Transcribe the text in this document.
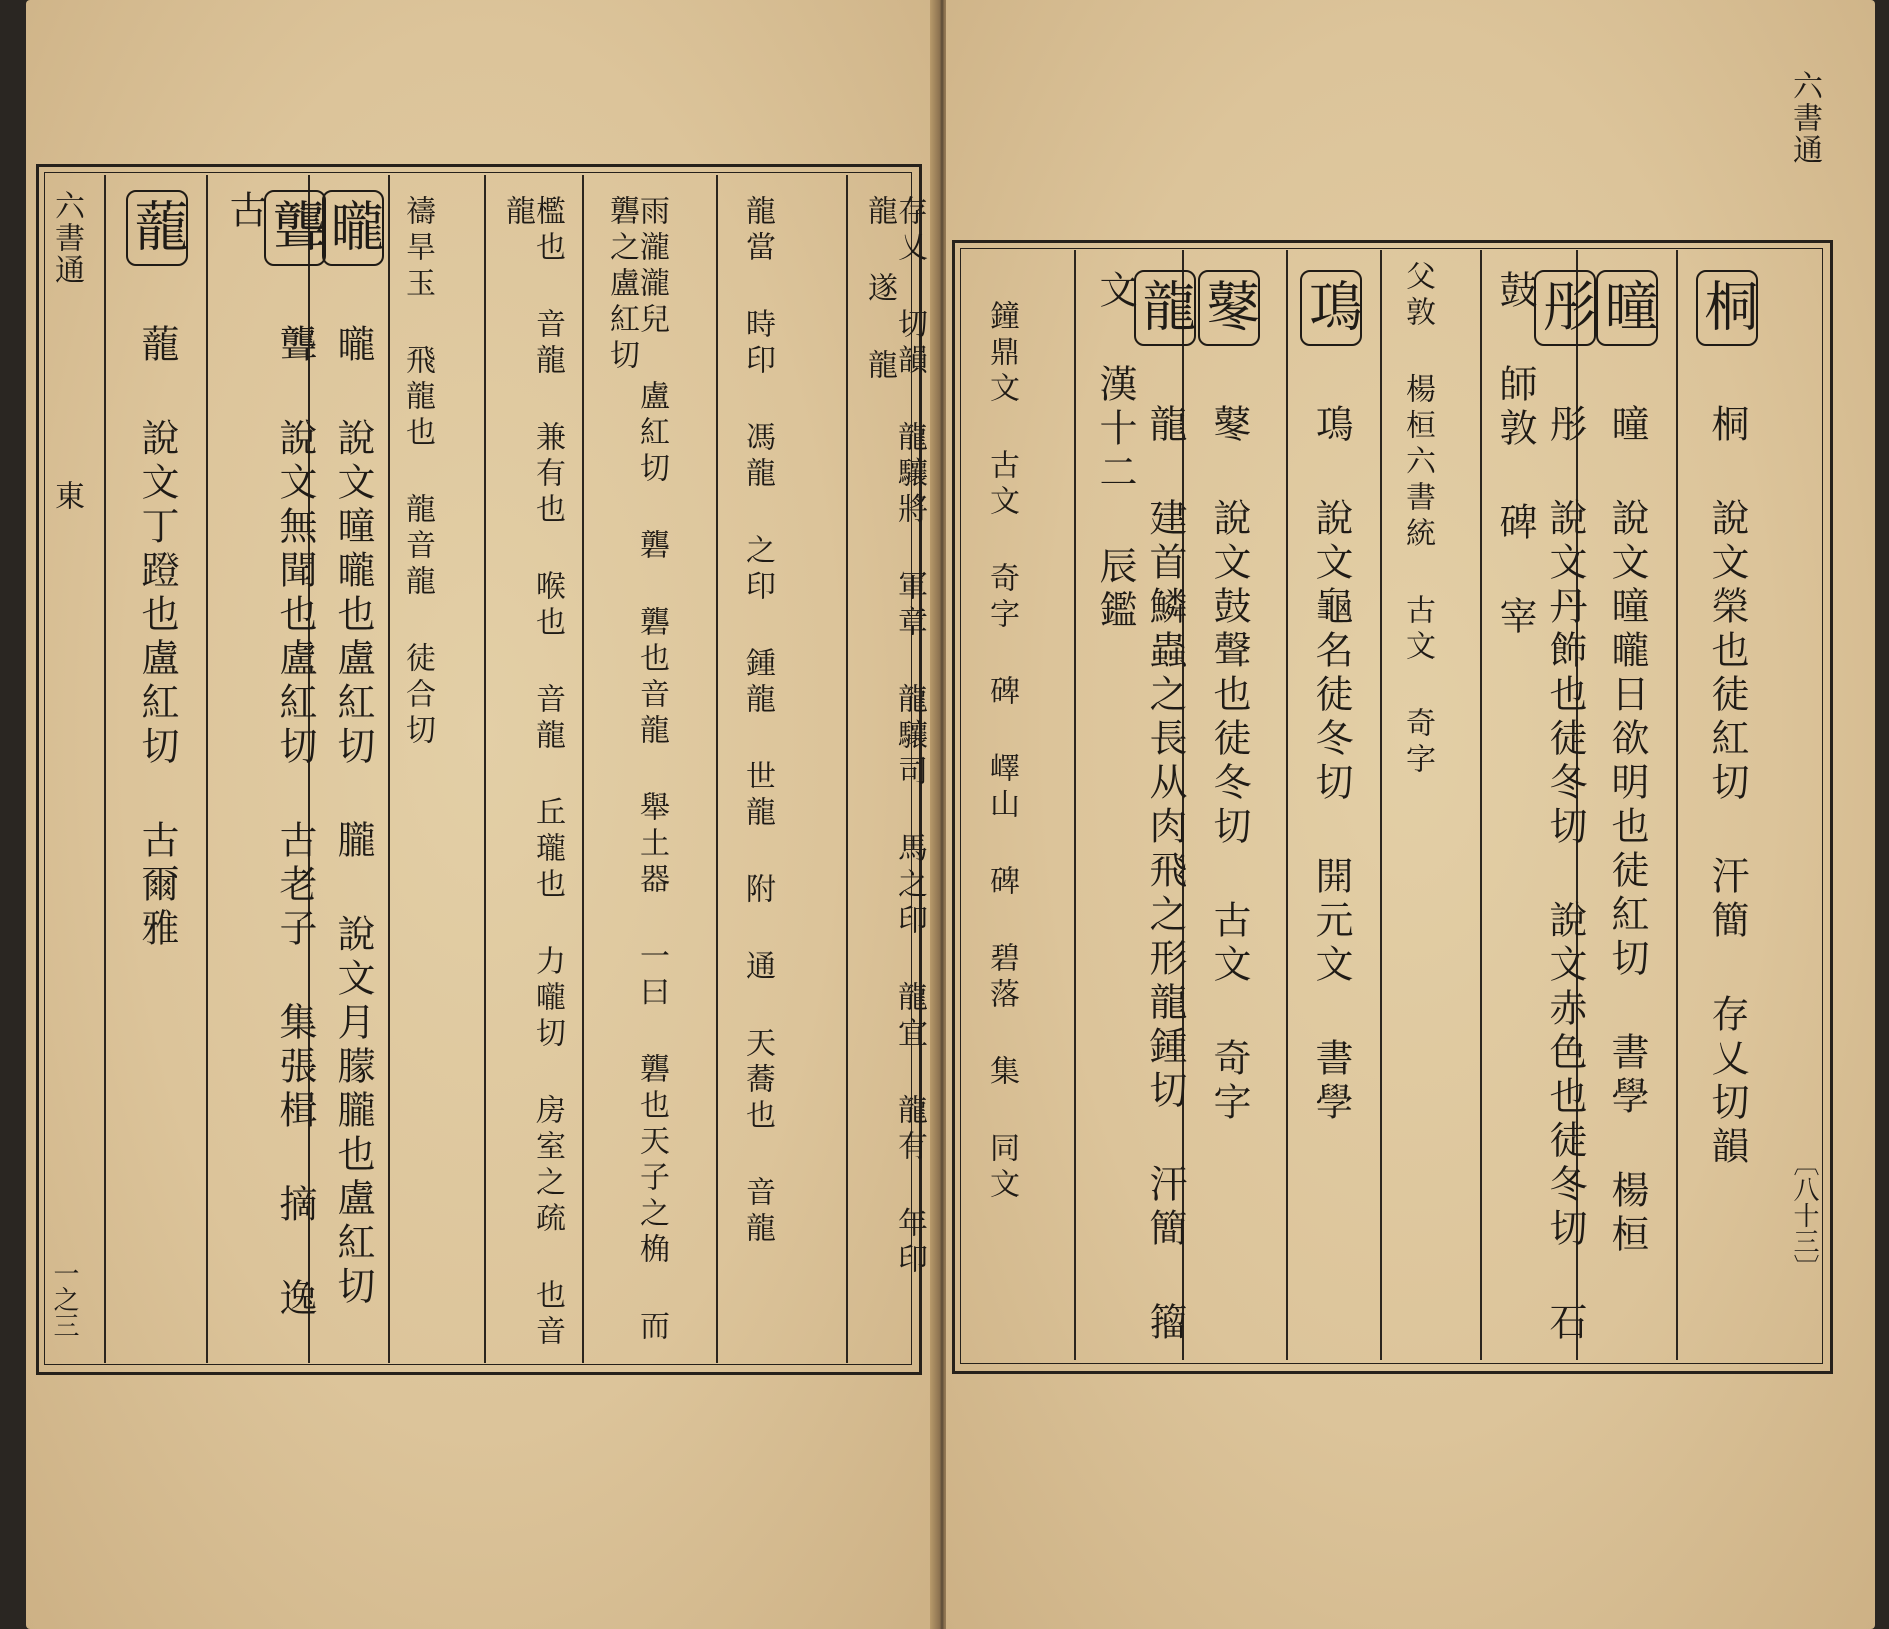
六書通
東
一之三
蘢 蘢 說文丁蹬也盧紅切 古爾雅
聾 聾 說文無聞也盧紅切 古老子 集張楫 摘 逸古	曨 曨 說文曈曨也盧紅切 朧 說文月朦朧也盧紅切 禱旱玉 飛龍也 龍音龍 徒合切	檻也 音龍 兼有也 喉也 音龍 丘瓏也 力嚨切 房室之疏 也音龍	雨瀧瀧兒 盧紅切 礱 礱也音龍 舉土器 一曰 礱也天子之桷 而礱之盧紅切	龍當 時印 馮龍 之印 鍾龍 世龍 附 通 天蕎也 音龍	存乂 切韻 龍驤將 軍章 龍驤司 馬之印 龍宜 龍有 年印 龍 遂 龍
六書通
〔八十三〕
鐘鼎文 古文 奇字 碑 嶧山 碑 碧落 集 同文	龍 龍 建首鱗蟲之長从肉飛之形龍鍾切 汗簡 籀文 漢十二 辰鑑	鼕 鼕 說文鼓聲也徒冬切 古文 奇字
䲨 䲨 說文龜名徒冬切 開元文 書學	父敦 楊桓六書統 古文 奇字	彤 彤 說文丹飾也徒冬切 說文赤色也徒冬切 石鼓 師敦 碑 宰	曈 曈 說文曈曨日欲明也徒紅切 書學 楊桓
桐 桐 說文榮也徒紅切 汗簡 存乂切韻
